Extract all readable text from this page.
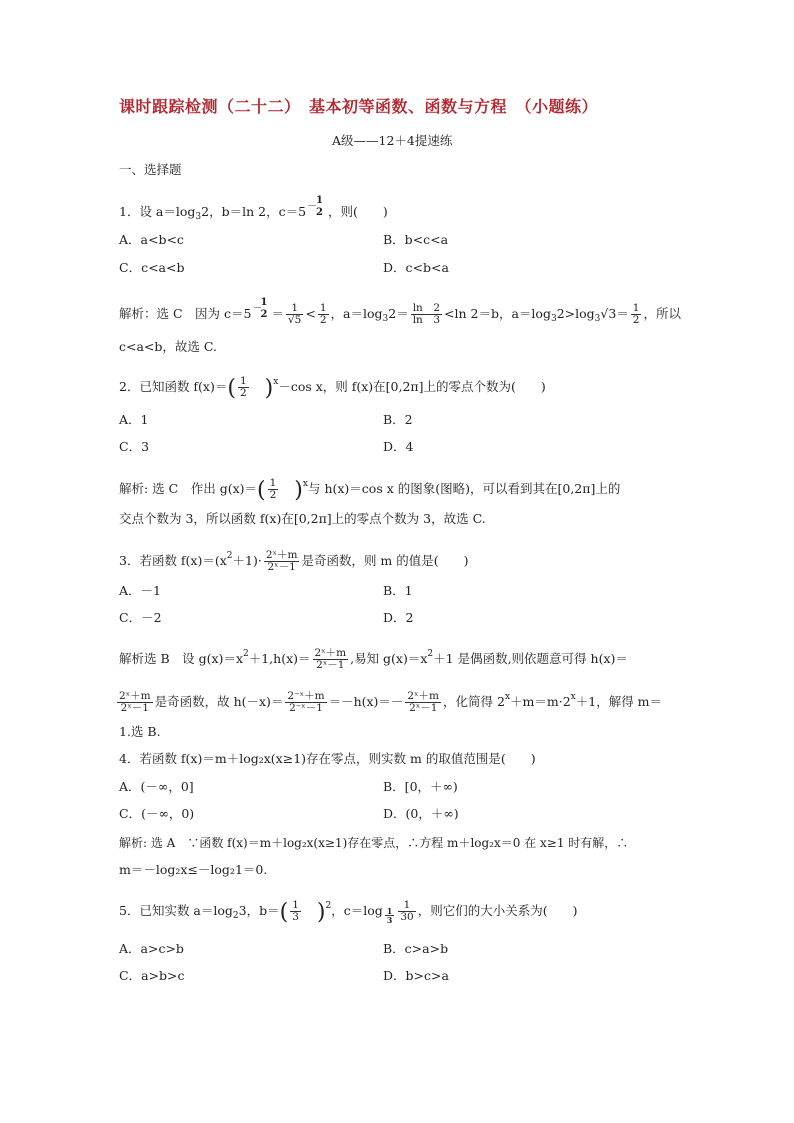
课时跟踪检测（二十二）　基本初等函数、函数与方程　（小题练）
A级——12＋4提速练
一、选择题
1．设 $a=\log_32$，b＝ln 2，c＝5 －
1
2 ，则(　　)
A．a<b<c	B．b<c<a
C．c<a<b	D．c<b<a
解析：选 C　因为 c＝5 －
1
$2 = \frac{1}{√5} < \frac{1}{2}$ ，$a=\log_32= \frac{\ln 2}{\ln 3} <\ln$ 2＝b，$a=\log_32>\log_3√3= \frac{1}{2}$ ，所以
c<a<b，故选 C.
2．已知函数 $f(x)=( \frac{1}{2} )^x-\cos$ x，则 f(x)在[0,2π]上的零点个数为(　　)
A．1	B．2
C．3	D．4
解析: 选 C　作出 $g(x)=( \frac{1}{2} )^x$与 h(x)＝cos x 的图象(图略)，可以看到其在[0,2π]上的
交点个数为 3，所以函数 f(x)在[0,2π]上的零点个数为 3，故选 C.
3．若函数 $f(x)=(x^2+1)\cdot \frac{\text{2ˣ＋m}}{\text{2ˣ－1}}$ 是奇函数，则 m 的值是(　　)
A．－1	B．1
C．－2	D．2
解析选 B　设 $g(x)=x^2+1,h(x)= \frac{\text{2ˣ＋m}}{\text{2ˣ－1}}$ ,易知 $g(x)=x^2+1$ 是偶函数,则依题意可得 h(x)＝
$\frac{\text{2ˣ＋m}}{\text{2ˣ－1}}$ 是奇函数，故 $h(-x)= \frac{\text{2⁻ˣ＋m}}{\text{2⁻ˣ－1}} =-h(x)=- \frac{\text{2ˣ＋m}}{\text{2ˣ－1}}$ ，化简得 $2^x+m=m\cdot 2^x+1$，解得 m＝
1.选 B.
4．若函数 f(x)＝m＋log₂x(x≥1)存在零点，则实数 m 的取值范围是(　　)
A．(－∞，0]	B．[0，＋∞)
C．(－∞，0)	D．(0，＋∞)
解析: 选 A　∵函数 f(x)＝m＋log₂x(x≥1)存在零点，∴方程 m＋log₂x＝0 在 x≥1 时有解，∴
m＝－log₂x≤－log₂1＝0.
5．已知实数 $a=\log_23$，$b=( \frac{1}{3} )^2$，$c=\log \frac{1}{3} \frac{1}{30}$ ，则它们的大小关系为(　　)
A．a>c>b	B．c>a>b
C．a>b>c	D．b>c>a
